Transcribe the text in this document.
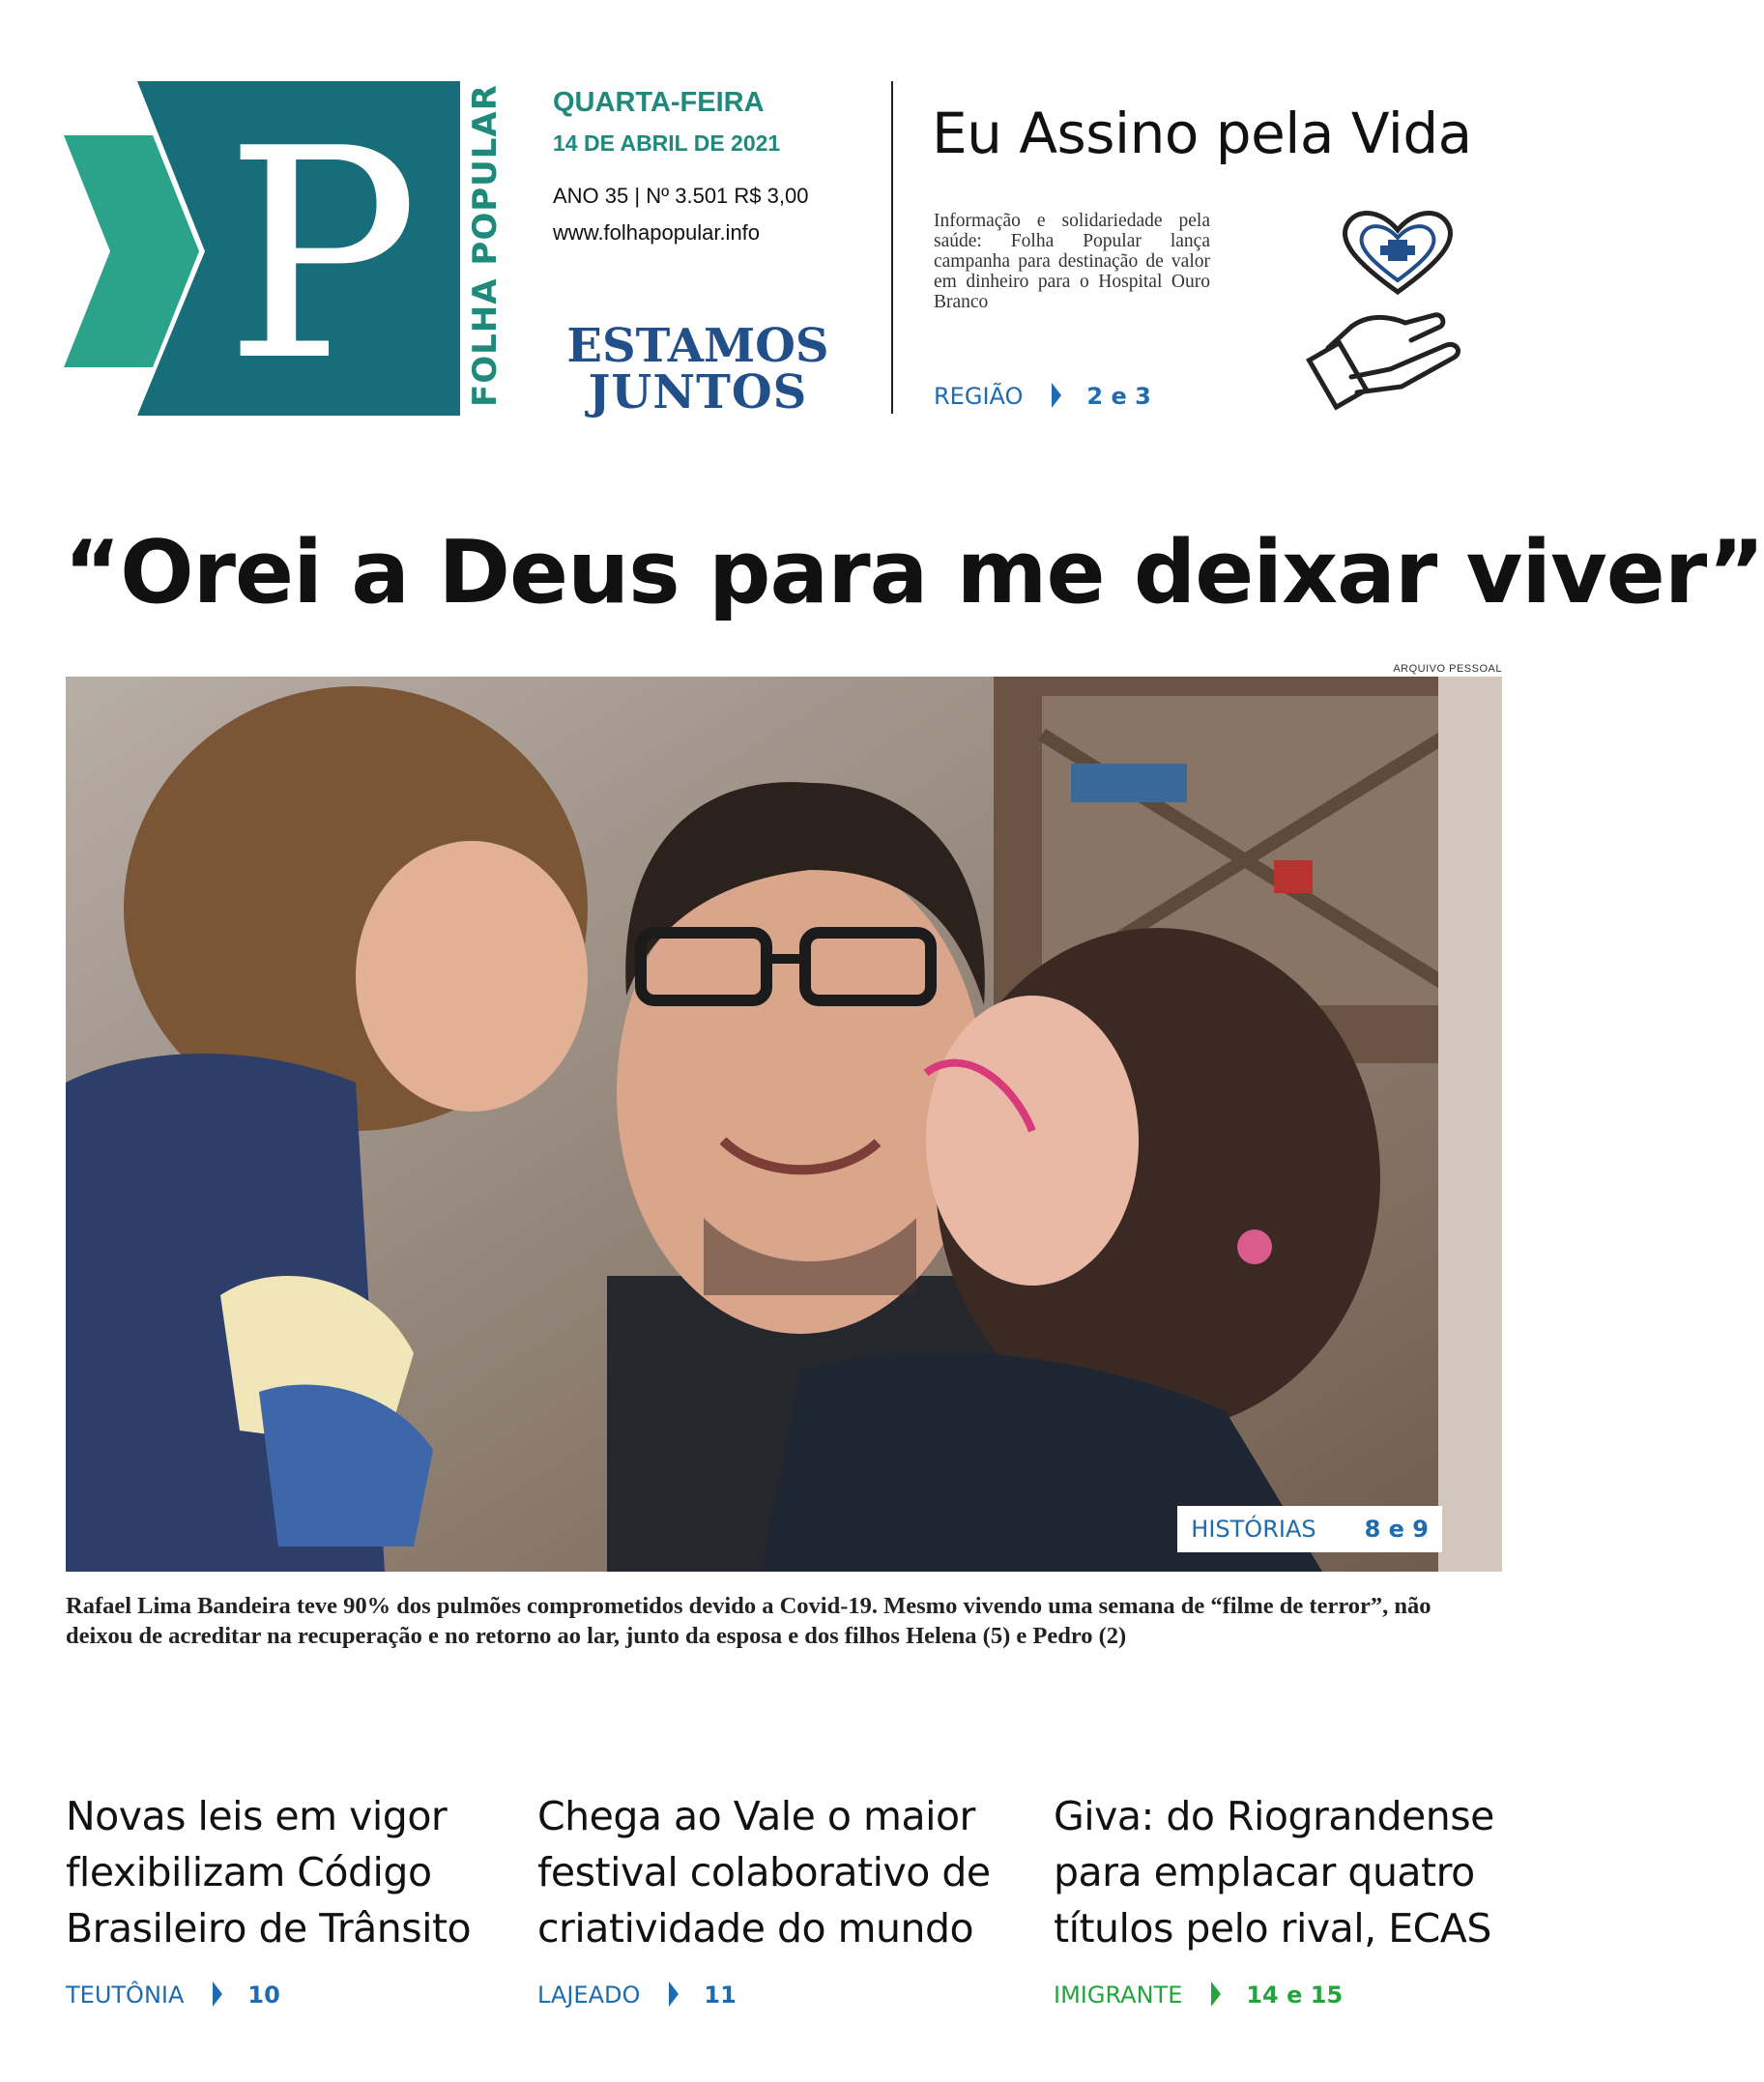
P FOLHA POPULAR QUARTA-FEIRA
14 DE ABRIL DE 2021
ANO 35 | Nº 3.501 R$ 3,00
www.folhapopular.info
ESTAMOS
JUNTOS
Eu Assino pela Vida
Informação e solidariedade pela saúde: Folha Popular lança campanha para destinação de valor em dinheiro para o Hospital Ouro Branco
REGIÃO	2 e 3
“Orei a Deus para me deixar viver”
ARQUIVO PESSOAL
HISTÓRIAS 8 e 9
Rafael Lima Bandeira teve 90% dos pulmões comprometidos devido a Covid-19. Mesmo vivendo uma semana de “filme de terror”, não deixou de acreditar na recuperação e no retorno ao lar, junto da esposa e dos filhos Helena (5) e Pedro (2)
Novas leis em vigor flexibilizam Código Brasileiro de Trânsito
TEUTÔNIA	10
Chega ao Vale o maior festival colaborativo de criatividade do mundo
LAJEADO	11
Giva: do Riograndense para emplacar quatro títulos pelo rival, ECAS
IMIGRANTE	14 e 15
